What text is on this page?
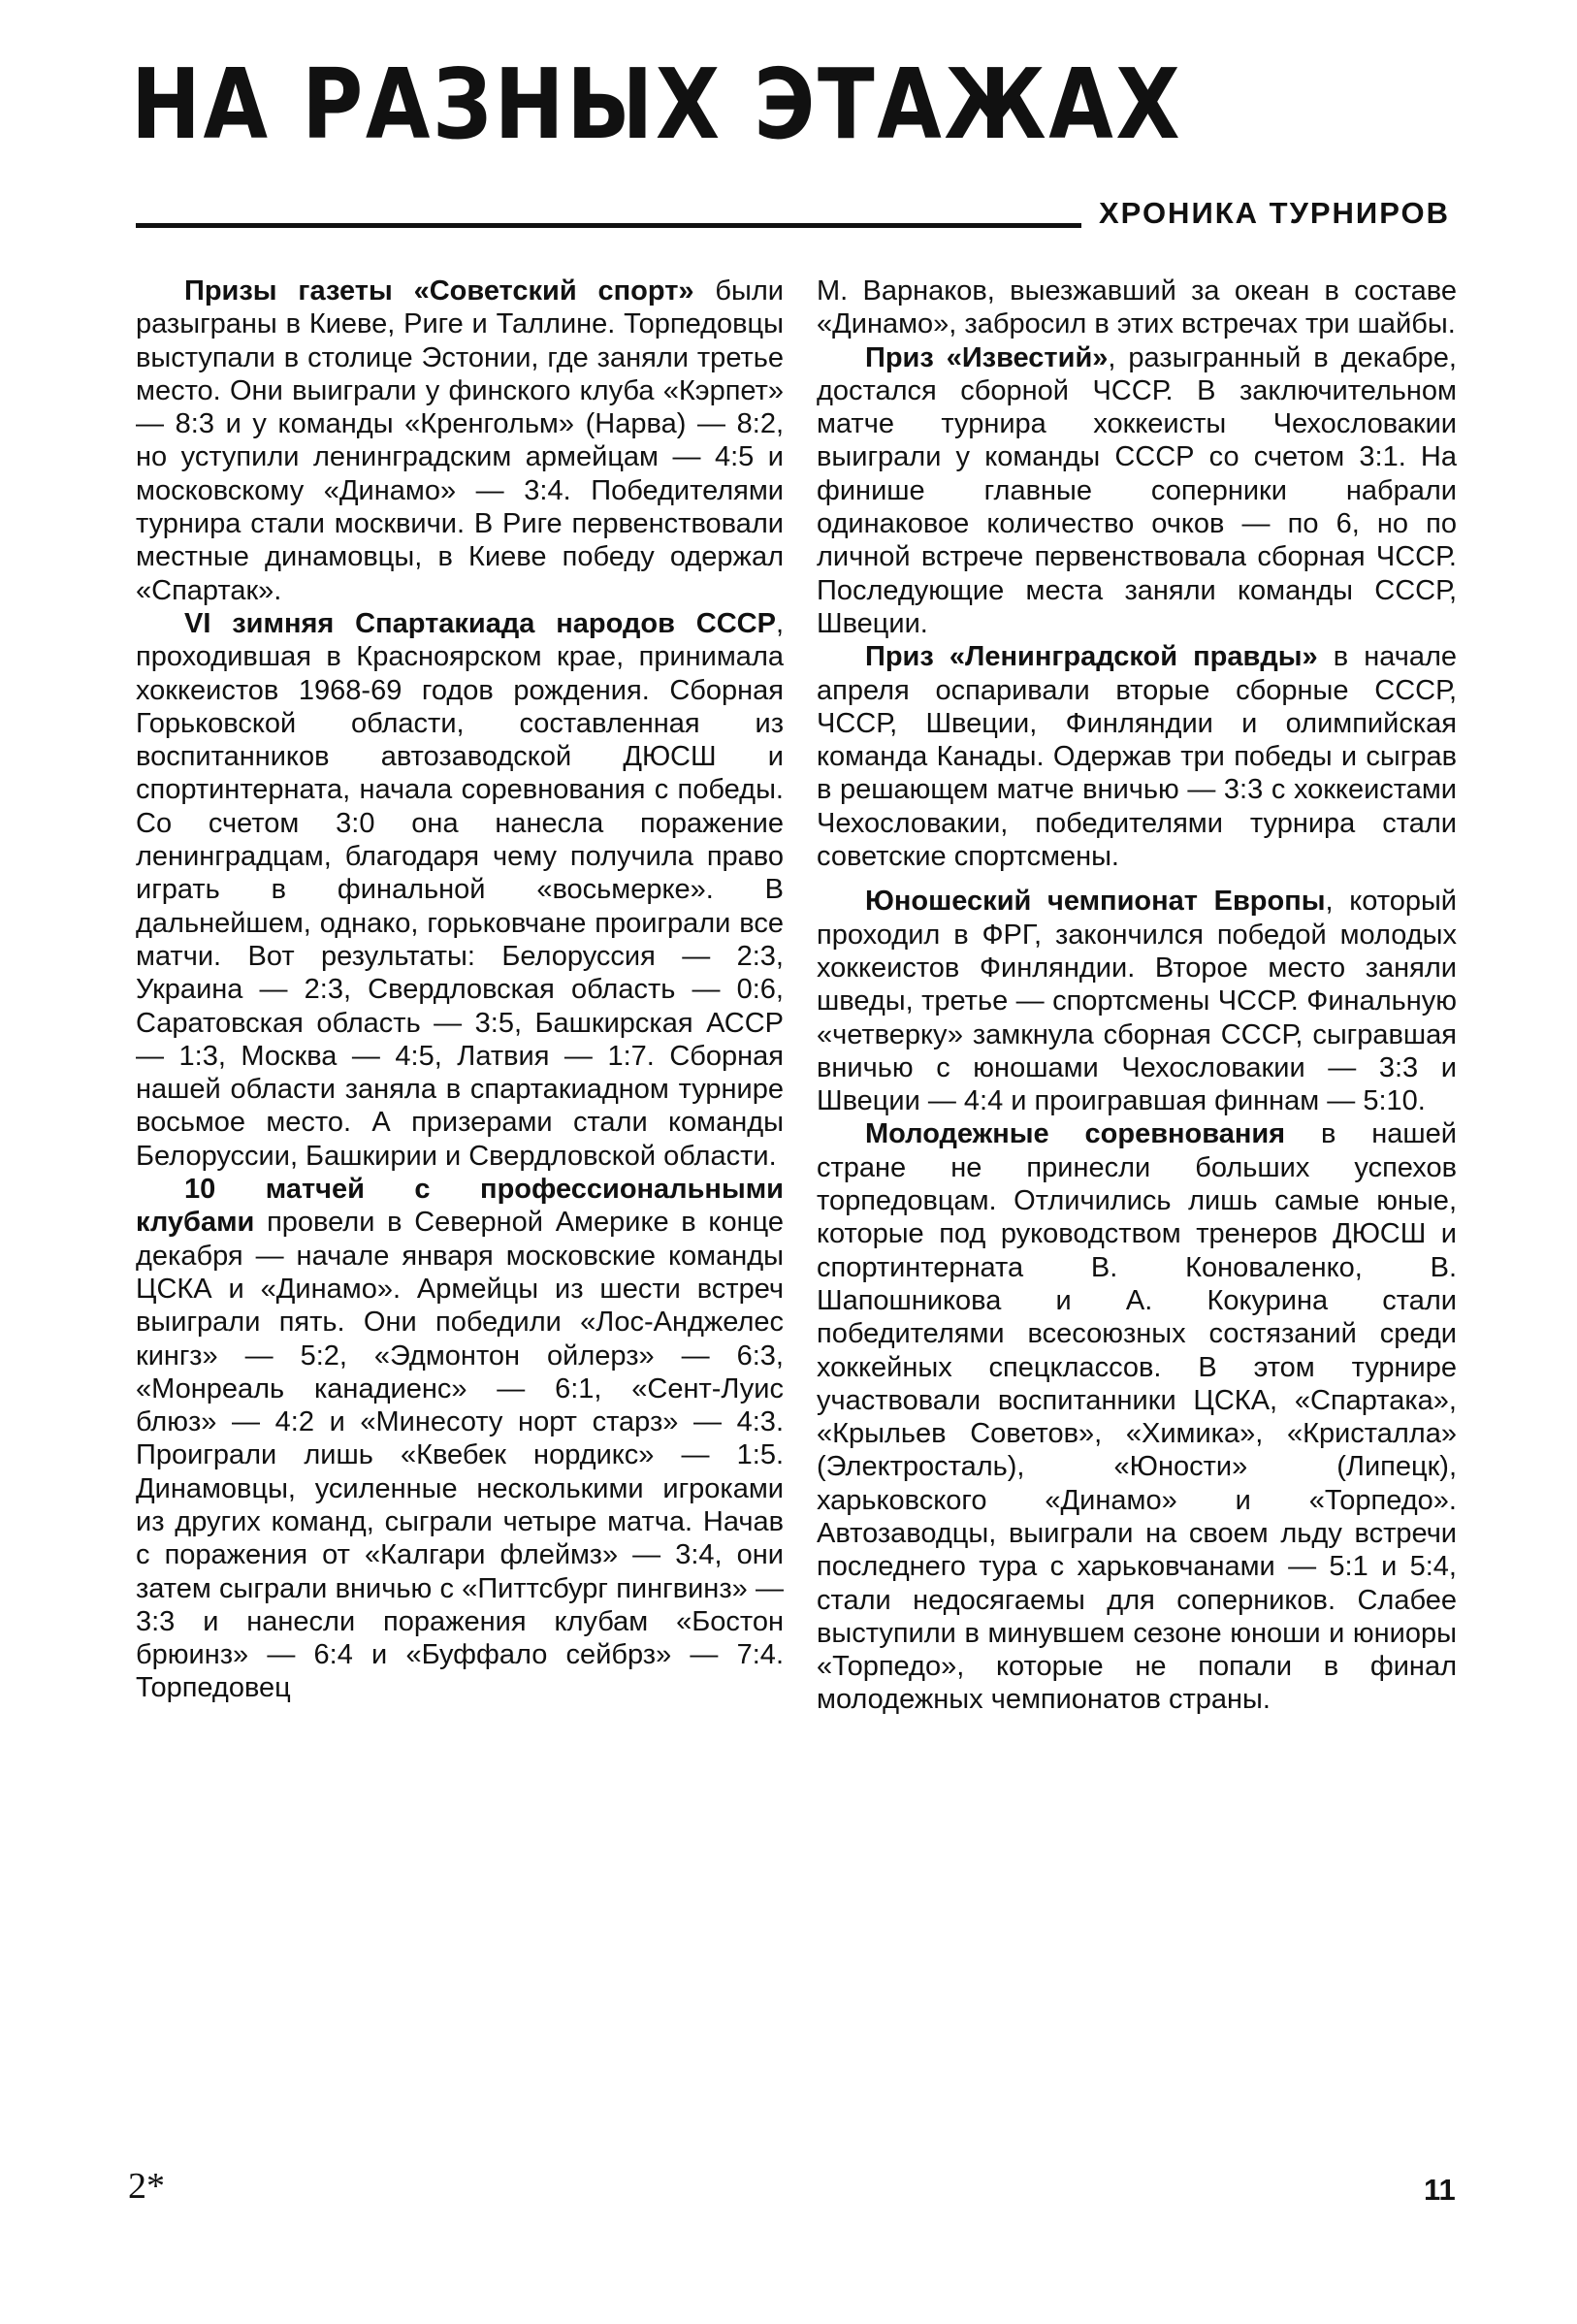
НА РАЗНЫХ ЭТАЖАХ
ХРОНИКА ТУРНИРОВ

Призы газеты «Советский спорт» были разыграны в Киеве, Риге и Таллине. Торпедовцы выступали в столице Эстонии, где заняли третье место. Они выиграли у финского клуба «Кэрпет» — 8:3 и у команды «Кренгольм» (Нарва) — 8:2, но уступили ленинградским армейцам — 4:5 и московскому «Динамо» — 3:4. Победителями турнира стали москвичи. В Риге первенствовали местные динамовцы, в Киеве победу одержал «Спартак».

VI зимняя Спартакиада народов СССР, проходившая в Красноярском крае, принимала хоккеистов 1968-69 годов рождения. Сборная Горьковской области, составленная из воспитанников автозаводской ДЮСШ и спортинтерната, начала соревнования с победы. Со счетом 3:0 она нанесла поражение ленинградцам, благодаря чему получила право играть в финальной «восьмерке». В дальнейшем, однако, горьковчане проиграли все матчи. Вот результаты: Белоруссия — 2:3, Украина — 2:3, Свердловская область — 0:6, Саратовская область — 3:5, Башкирская АССР — 1:3, Москва — 4:5, Латвия — 1:7. Сборная нашей области заняла в спартакиадном турнире восьмое место. А призерами стали команды Белоруссии, Башкирии и Свердловской области.

10 матчей с профессиональными клубами провели в Северной Америке в конце декабря — начале января московские команды ЦСКА и «Динамо». Армейцы из шести встреч выиграли пять. Они победили «Лос-Анджелес кингз» — 5:2, «Эдмонтон ойлерз» — 6:3, «Монреаль канадиенс» — 6:1, «Сент-Луис блюз» — 4:2 и «Минесоту норт старз» — 4:3. Проиграли лишь «Квебек нордикс» — 1:5. Динамовцы, усиленные несколькими игроками из других команд, сыграли четыре матча. Начав с поражения от «Калгари флеймз» — 3:4, они затем сыграли вничью с «Питтсбург пингвинз» — 3:3 и нанесли поражения клубам «Бостон брюинз» — 6:4 и «Буффало сейбрз» — 7:4. Торпедовец

М. Варнаков, выезжавший за океан в составе «Динамо», забросил в этих встречах три шайбы.

Приз «Известий», разыгранный в декабре, достался сборной ЧССР. В заключительном матче турнира хоккеисты Чехословакии выиграли у команды СССР со счетом 3:1. На финише главные соперники набрали одинаковое количество очков — по 6, но по личной встрече первенствовала сборная ЧССР. Последующие места заняли команды СССР, Швеции.

Приз «Ленинградской правды» в начале апреля оспаривали вторые сборные СССР, ЧССР, Швеции, Финляндии и олимпийская команда Канады. Одержав три победы и сыграв в решающем матче вничью — 3:3 с хоккеистами Чехословакии, победителями турнира стали советские спортсмены.

Юношеский чемпионат Европы, который проходил в ФРГ, закончился победой молодых хоккеистов Финляндии. Второе место заняли шведы, третье — спортсмены ЧССР. Финальную «четверку» замкнула сборная СССР, сыгравшая вничью с юношами Чехословакии — 3:3 и Швеции — 4:4 и проигравшая финнам — 5:10.

Молодежные соревнования в нашей стране не принесли больших успехов торпедовцам. Отличились лишь самые юные, которые под руководством тренеров ДЮСШ и спортинтерната В. Коноваленко, В. Шапошникова и А. Кокурина стали победителями всесоюзных состязаний среди хоккейных спецклассов. В этом турнире участвовали воспитанники ЦСКА, «Спартака», «Крыльев Советов», «Химика», «Кристалла» (Электросталь), «Юности» (Липецк), харьковского «Динамо» и «Торпедо». Автозаводцы, выиграли на своем льду встречи последнего тура с харьковчанами — 5:1 и 5:4, стали недосягаемы для соперников. Слабее выступили в минувшем сезоне юноши и юниоры «Торпедо», которые не попали в финал молодежных чемпионатов страны.

2*	11
